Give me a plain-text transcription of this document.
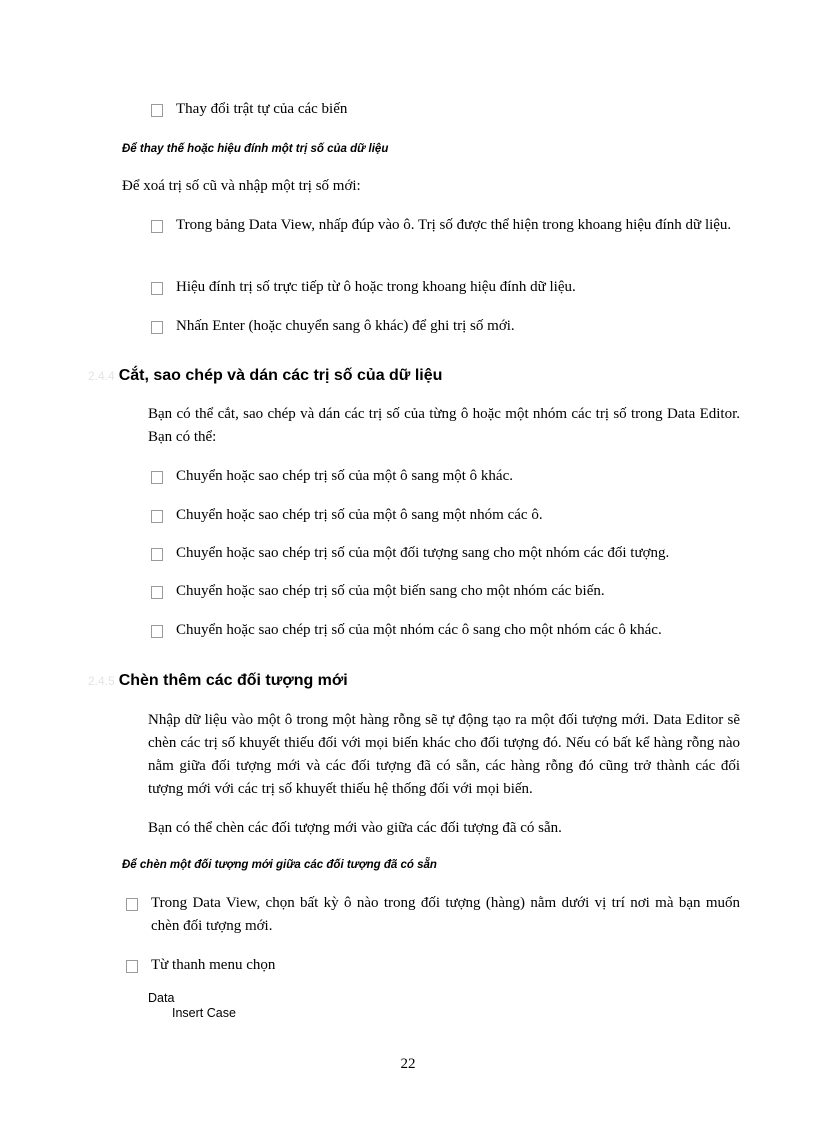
Thay đổi trật tự của các biến
Để thay thế hoặc hiệu đính một trị số của dữ liệu
Để xoá trị số cũ và nhập một trị số mới:
Trong bảng Data View, nhấp đúp vào ô. Trị số được thể hiện trong khoang hiệu đính dữ liệu.
Hiệu đính trị số trực tiếp từ ô hoặc trong khoang hiệu đính dữ liệu.
Nhấn Enter (hoặc chuyển sang ô khác) để ghi trị số mới.
2.4.4 Cắt, sao chép và dán các trị số của dữ liệu
Bạn có thể cắt, sao chép và dán các trị số của từng ô hoặc một nhóm các trị số trong Data Editor. Bạn có thể:
Chuyển hoặc sao chép trị số của một ô sang một ô khác.
Chuyển hoặc sao chép trị số của một ô sang một nhóm các ô.
Chuyển hoặc sao chép trị số của một đối tượng sang cho một nhóm các đối tượng.
Chuyển hoặc sao chép trị số của một biến sang cho một nhóm các biến.
Chuyển hoặc sao chép trị số của một nhóm các ô sang cho một nhóm các ô khác.
2.4.5 Chèn thêm các đối tượng mới
Nhập dữ liệu vào một ô trong một hàng rỗng sẽ tự động tạo ra một đối tượng mới. Data Editor sẽ chèn các trị số khuyết thiếu đối với mọi biến khác cho đối tượng đó. Nếu có bất kể hàng rỗng nào nằm giữa đối tượng mới và các đối tượng đã có sẵn, các hàng rỗng đó cũng trở thành các đối tượng mới với các trị số khuyết thiếu hệ thống đối với mọi biến.
Bạn có thể chèn các đối tượng mới vào giữa các đối tượng đã có sẵn.
Để chèn một đối tượng mới giữa các đối tượng đã có sẵn
Trong Data View, chọn bất kỳ ô nào trong đối tượng (hàng) nằm dưới vị trí nơi mà bạn muốn chèn đối tượng mới.
Từ thanh menu chọn
Data
Insert Case
22
